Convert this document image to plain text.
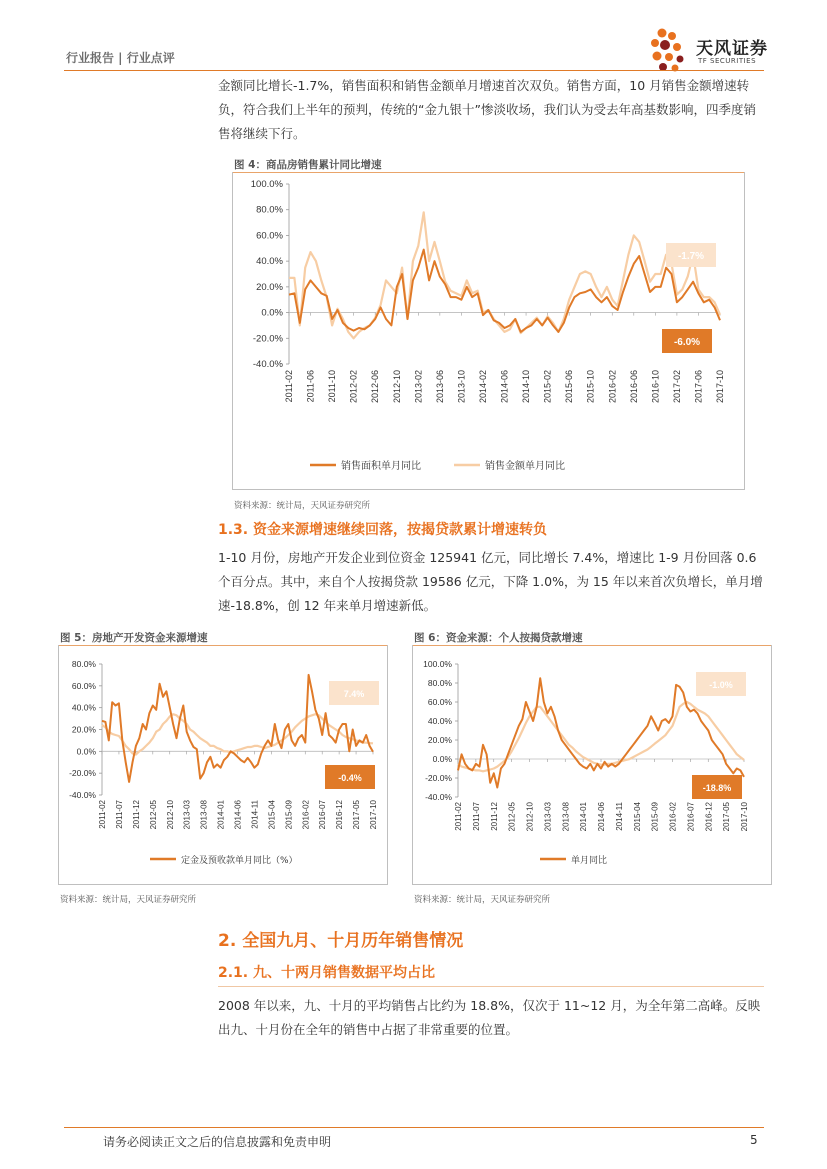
行业报告 | 行业点评	天风证券
TF SECURITIES
金额同比增长-1.7%，销售面积和销售金额单月增速首次双负。销售方面，10 月销售金额增速转负，符合我们上半年的预判，传统的“金九银十”惨淡收场，我们认为受去年高基数影响，四季度销售将继续下行。
图 4：商品房销售累计同比增速
100.0%
80.0%
60.0%
40.0%
20.0%
0.0%
-20.0%
-40.0%
2011-02 2011-06 2011-10 2012-02 2012-06 2012-10 2013-02 2013-06 2013-10 2014-02 2014-06 2014-10 2015-02 2015-06 2015-10 2016-02 2016-06 2016-10 2017-02 2017-06 2017-10
-1.7%
-6.0%
销售面积单月同比	销售金额单月同比
资料来源：统计局，天风证券研究所
1.3. 资金来源增速继续回落，按揭贷款累计增速转负
1-10 月份，房地产开发企业到位资金 125941 亿元，同比增长 7.4%，增速比 1-9 月份回落 0.6 个百分点。其中，来自个人按揭贷款 19586 亿元，下降 1.0%，为 15 年以来首次负增长，单月增速-18.8%，创 12 年来单月增速新低。
图 5：房地产开发资金来源增速
80.0%
60.0%
40.0%
20.0%
0.0%
-20.0%
-40.0%
2011-02 2011-07 2011-12 2012-05 2012-10 2013-03 2013-08 2014-01 2014-06 2014-11 2015-04 2015-09 2016-02 2016-07 2016-12 2017-05 2017-10
7.4%
-0.4%
定金及预收款单月同比（%）
资料来源：统计局，天风证券研究所
图 6：资金来源：个人按揭贷款增速
100.0%
80.0%
60.0%
40.0%
20.0%
0.0%
-20.0%
-40.0%
2011-02 2011-07 2011-12 2012-05 2012-10 2013-03 2013-08 2014-01 2014-06 2014-11 2015-04 2015-09 2016-02 2016-07 2016-12 2017-05 2017-10
-1.0%
-18.8%
单月同比
资料来源：统计局，天风证券研究所
2. 全国九月、十月历年销售情况
2.1. 九、十两月销售数据平均占比
2008 年以来，九、十月的平均销售占比约为 18.8%，仅次于 11~12 月，为全年第二高峰。反映出九、十月份在全年的销售中占据了非常重要的位置。
请务必阅读正文之后的信息披露和免责申明	5
